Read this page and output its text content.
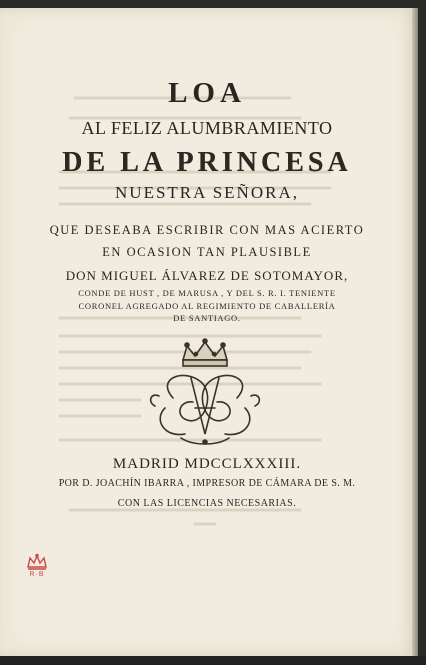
LOA
AL FELIZ ALUMBRAMIENTO
DE LA PRINCESA
NUESTRA SEÑORA,
QUE DESEABA ESCRIBIR CON MAS ACIERTO
EN OCASION TAN PLAUSIBLE
DON MIGUEL ÁLVAREZ DE SOTOMAYOR,
CONDE DE HUST , DE MARUSA , Y DEL S. R. I. TENIENTE
CORONEL AGREGADO AL REGIMIENTO DE CABALLERÍA
DE SANTIAGO.
MADRID MDCCLXXXIII.
POR D. JOACHÍN IBARRA , IMPRESOR DE CÁMARA DE S. M.
CON LAS LICENCIAS NECESARIAS.
R·B
